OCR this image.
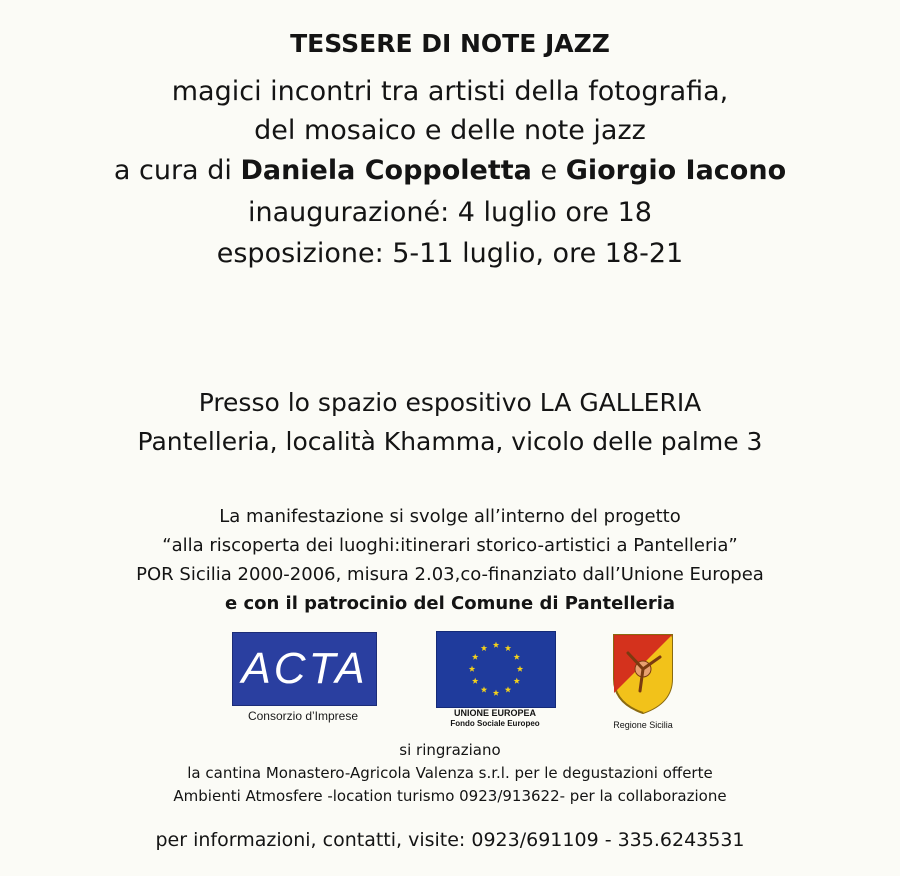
TESSERE DI NOTE JAZZ
magici incontri tra artisti della fotografia,
del mosaico e delle note jazz
a cura di Daniela Coppoletta e Giorgio Iacono
inaugurazioné: 4 luglio ore 18
esposizione: 5-11 luglio, ore 18-21
Presso lo spazio espositivo LA GALLERIA
Pantelleria, località Khamma, vicolo delle palme 3
La manifestazione si svolge all’interno del progetto
“alla riscoperta dei luoghi:itinerari storico-artistici a Pantelleria”
POR Sicilia 2000-2006, misura 2.03,co-finanziato dall’Unione Europea
e con il patrocinio del Comune di Pantelleria
ACTA
Consorzio d’Imprese	UNIONE EUROPEA
Fondo Sociale Europeo	Regione Sicilia
si ringraziano
la cantina Monastero-Agricola Valenza s.r.l. per le degustazioni offerte
Ambienti Atmosfere -location turismo 0923/913622- per la collaborazione
per informazioni, contatti, visite: 0923/691109 - 335.6243531
